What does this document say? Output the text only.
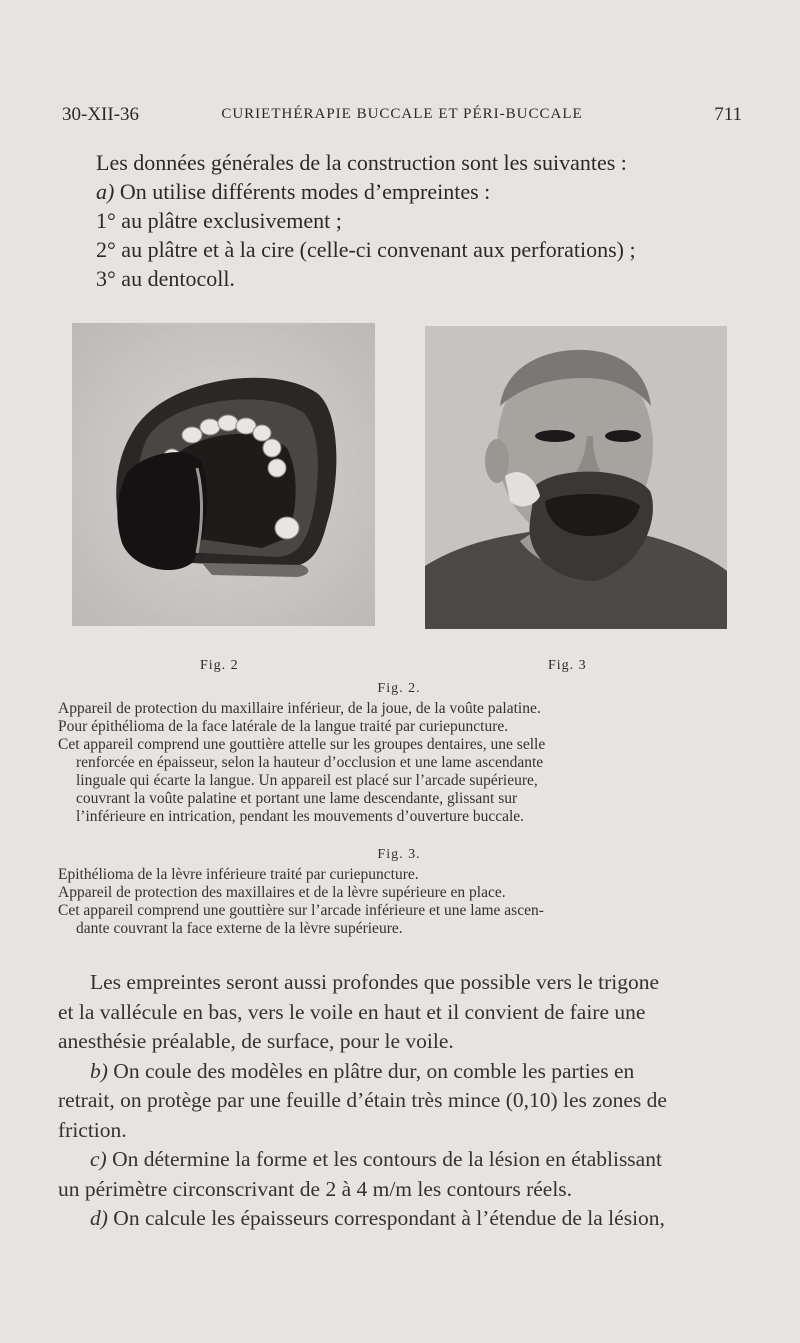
30-XII-36	CURIETHÉRAPIE BUCCALE ET PÉRI-BUCCALE	711

Les données générales de la construction sont les suivantes :

a) On utilise différents modes d’empreintes :

1° au plâtre exclusivement ;

2° au plâtre et à la cire (celle-ci convenant aux perforations) ;

3° au dentocoll.

Fig. 2	Fig. 3
Fig. 2.
Appareil de protection du maxillaire inférieur, de la joue, de la voûte palatine.
Pour épithélioma de la face latérale de la langue traité par curiepuncture.
Cet appareil comprend une gouttière attelle sur les groupes dentaires, une selle
renforcée en épaisseur, selon la hauteur d’occlusion et une lame ascendante
linguale qui écarte la langue. Un appareil est placé sur l’arcade supérieure,
couvrant la voûte palatine et portant une lame descendante, glissant sur
l’inférieure en intrication, pendant les mouvements d’ouverture buccale.
Fig. 3.
Epithélioma de la lèvre inférieure traité par curiepuncture.
Appareil de protection des maxillaires et de la lèvre supérieure en place.
Cet appareil comprend une gouttière sur l’arcade inférieure et une lame ascen-
dante couvrant la face externe de la lèvre supérieure.
Les empreintes seront aussi profondes que possible vers le trigone
et la vallécule en bas, vers le voile en haut et il convient de faire une
anesthésie préalable, de surface, pour le voile.
b) On coule des modèles en plâtre dur, on comble les parties en
retrait, on protège par une feuille d’étain très mince (0,10) les zones de
friction.
c) On détermine la forme et les contours de la lésion en établissant
un périmètre circonscrivant de 2 à 4 m/m les contours réels.
d) On calcule les épaisseurs correspondant à l’étendue de la lésion,
